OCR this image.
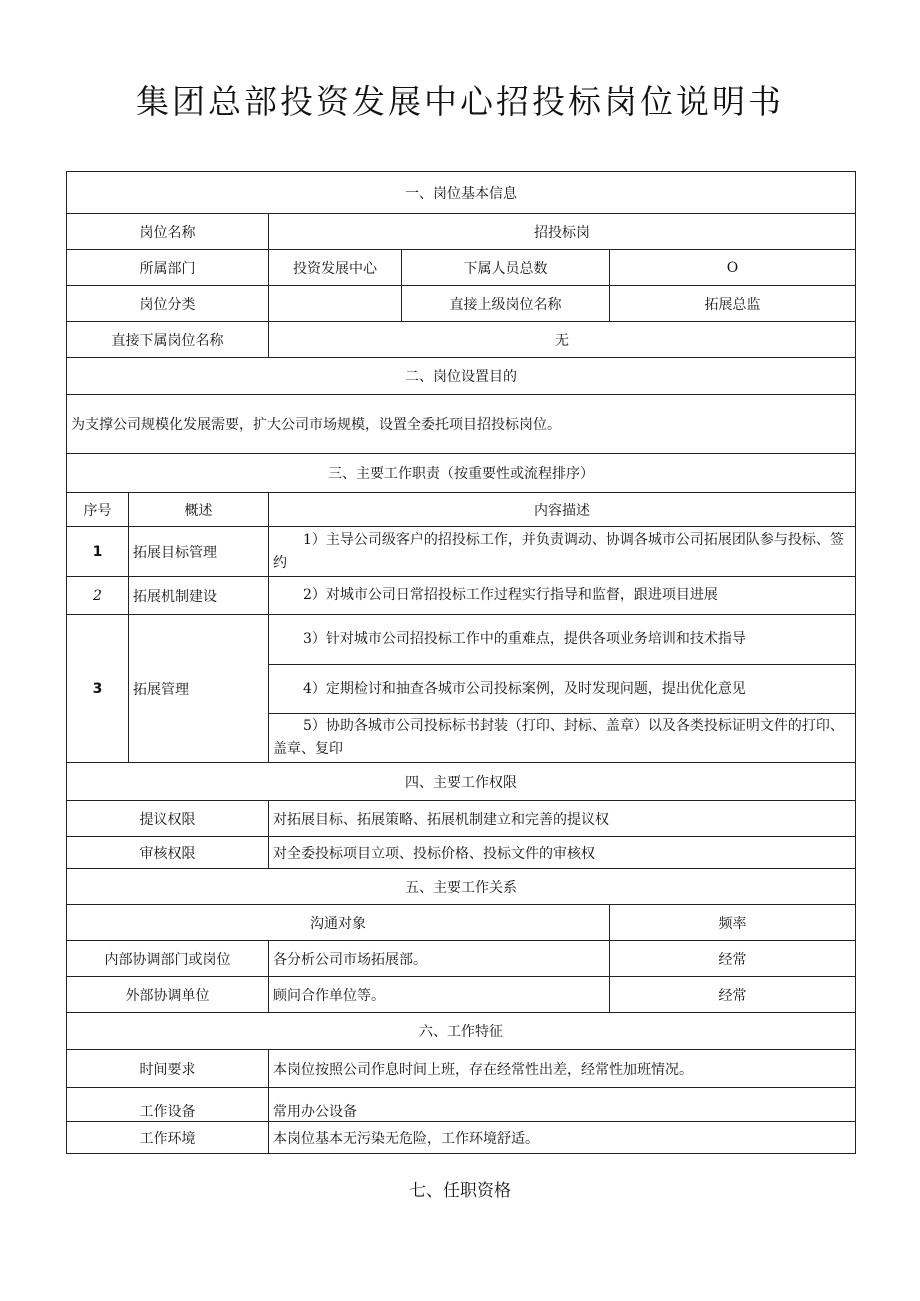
集团总部投资发展中心招投标岗位说明书
一、岗位基本信息				
岗位名称		招投标岗		
所属部门		投资发展中心	下属人员总数	O
岗位分类			直接上级岗位名称	拓展总监
直接下属岗位名称		无		
二、岗位设置目的				
为支撑公司规模化发展需要，扩大公司市场规模，设置全委托项目招投标岗位。				
三、主要工作职责（按重要性或流程排序）				
序号	概述	内容描述		
1	拓展目标管理	1）主导公司级客户的招投标工作，并负责调动、协调各城市公司拓展团队参与投标、签约		

2	拓展机制建设	2）对城市公司日常招投标工作过程实行指导和监督，跟进项目进展		

3	拓展管理	3）针对城市公司招投标工作中的重难点，提供各项业务培训和技术指导		

		4）定期检讨和抽查各城市公司投标案例，及时发现问题，提出优化意见		

		5）协助各城市公司投标标书封装（打印、封标、盖章）以及各类投标证明文件的打印、盖章、复印		

四、主要工作权限				
提议权限		对拓展目标、拓展策略、拓展机制建立和完善的提议权		
审核权限		对全委投标项目立项、投标价格、投标文件的审核权		
五、主要工作关系				
沟通对象				频率
内部协调部门或岗位		各分析公司市场拓展部。		经常
外部协调单位		顾问合作单位等。		经常
六、工作特征				
时间要求		本岗位按照公司作息时间上班，存在经常性出差，经常性加班情况。		
工作设备		常用办公设备		
工作环境		本岗位基本无污染无危险，工作环境舒适。		
七、任职资格
